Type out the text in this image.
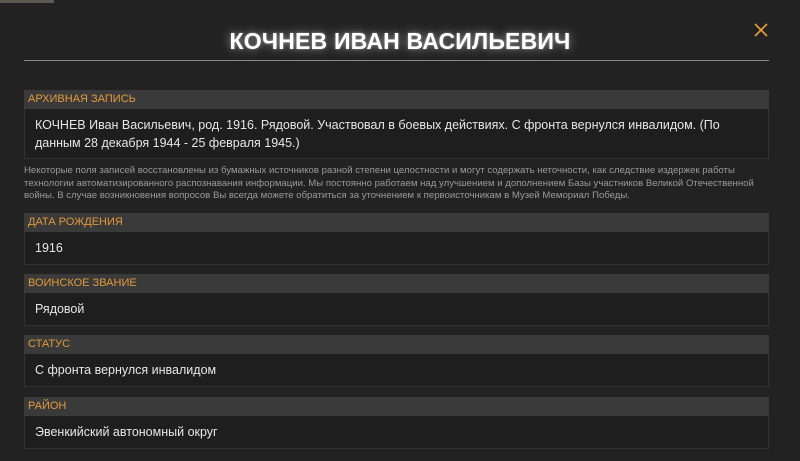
КОЧНЕВ ИВАН ВАСИЛЬЕВИЧ
АРХИВНАЯ ЗАПИСЬ
КОЧНЕВ Иван Васильевич, род. 1916. Рядовой. Участвовал в боевых действиях. С фронта вернулся инвалидом. (По данным 28 декабря 1944 - 25 февраля 1945.)
Некоторые поля записей восстановлены из бумажных источников разной степени целостности и могут содержать неточности, как следствие издержек работы технологии автоматизированного распознавания информации. Мы постоянно работаем над улучшением и дополнением Базы участников Великой Отечественной войны. В случае возникновения вопросов Вы всегда можете обратиться за уточнением к первоисточникам в Музей Мемориал Победы.
ДАТА РОЖДЕНИЯ
1916
ВОИНСКОЕ ЗВАНИЕ
Рядовой
СТАТУС
С фронта вернулся инвалидом
РАЙОН
Эвенкийский автономный округ
